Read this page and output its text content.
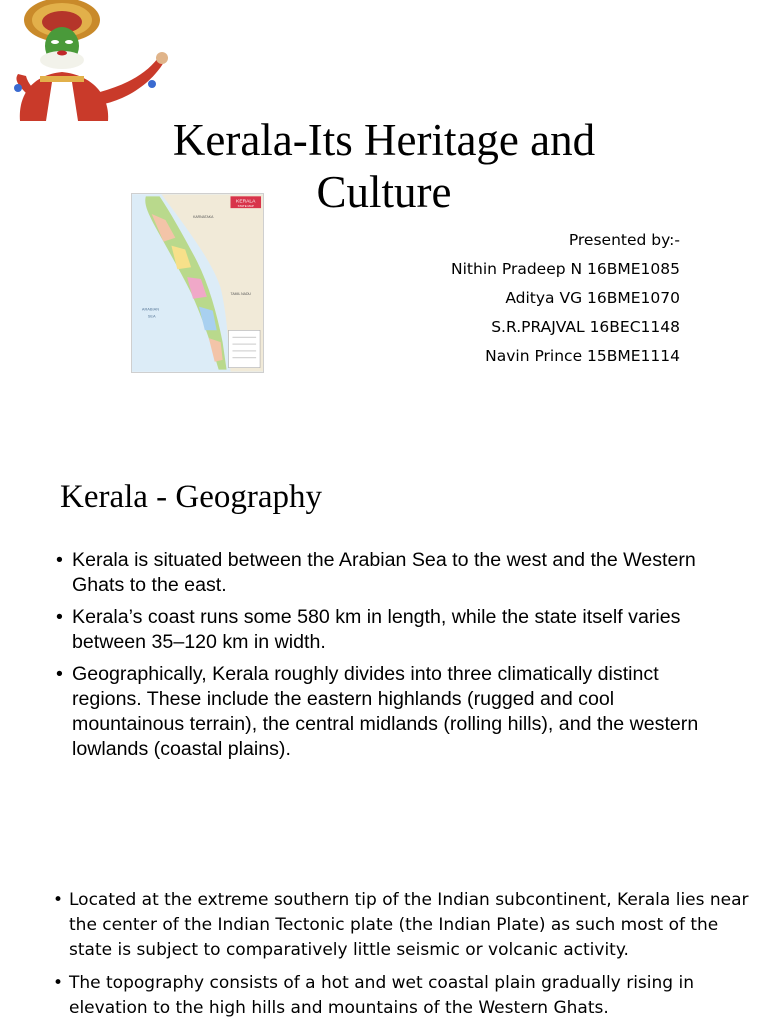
Kerala-Its Heritage and Culture
KERALA
STATE MAP
KARNATAKA
TAMIL NADU
ARABIAN
SEA
Presented by:-
Nithin Pradeep N 16BME1085
Aditya VG 16BME1070
S.R.PRAJVAL 16BEC1148
Navin Prince 15BME1114
Kerala - Geography
• Kerala is situated between the Arabian Sea to the west and the Western Ghats to the east.
• Kerala’s coast runs some 580 km in length, while the state itself varies between 35–120 km in width.
• Geographically, Kerala roughly divides into three climatically distinct regions. These include the eastern highlands (rugged and cool mountainous terrain), the central midlands (rolling hills), and the western lowlands (coastal plains).
• Located at the extreme southern tip of the Indian subcontinent, Kerala lies near the center of the Indian Tectonic plate (the Indian Plate) as such most of the state is subject to comparatively little seismic or volcanic activity.
• The topography consists of a hot and wet coastal plain gradually rising in elevation to the high hills and mountains of the Western Ghats.
